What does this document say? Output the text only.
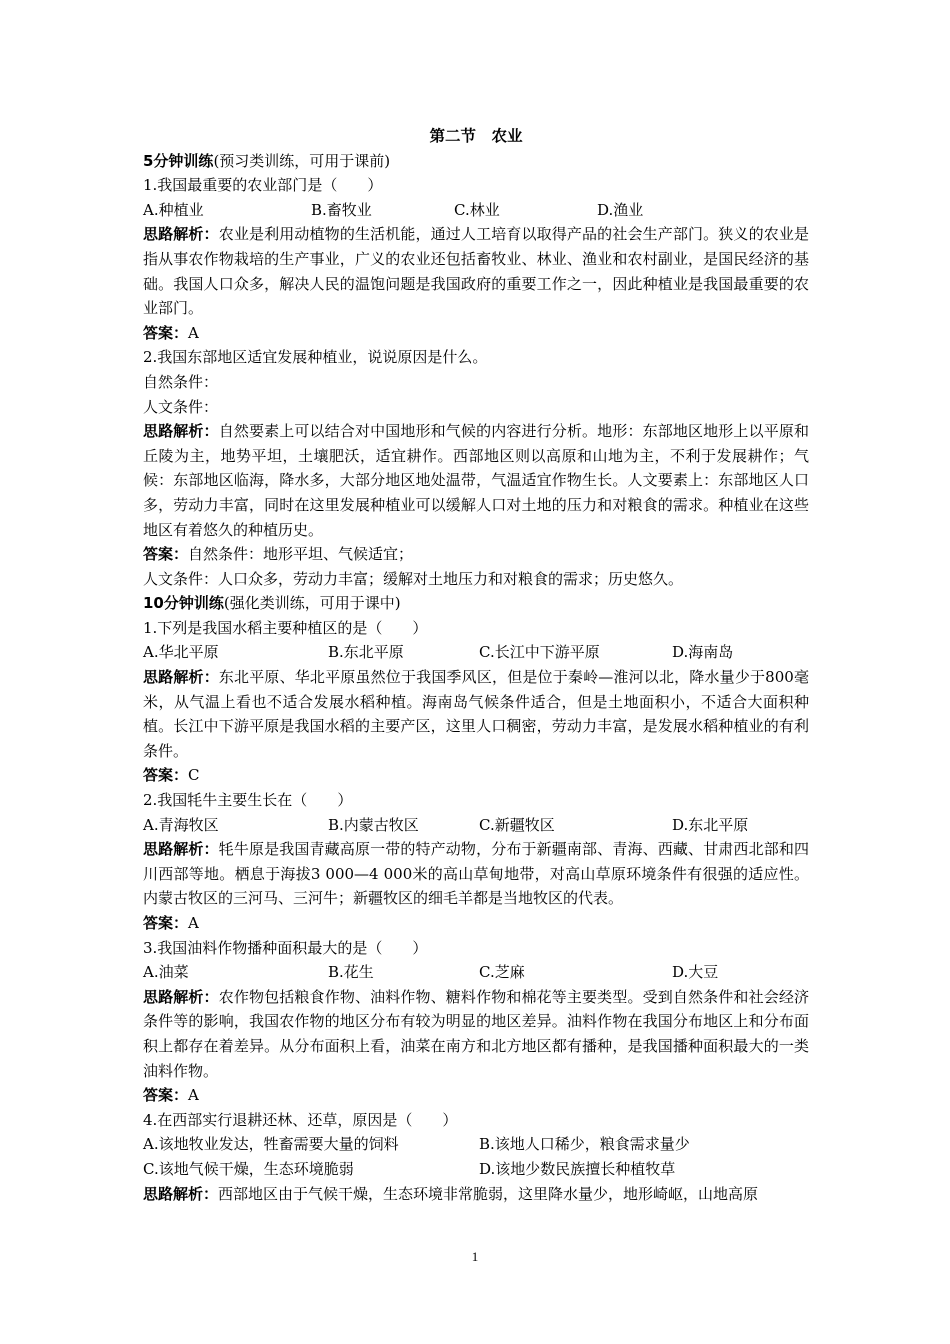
第二节　农业
5分钟训练(预习类训练，可用于课前)
1.我国最重要的农业部门是（　　）
A.种植业	B.畜牧业	C.林业	D.渔业
思路解析：农业是利用动植物的生活机能，通过人工培育以取得产品的社会生产部门。狭义的农业是指从事农作物栽培的生产事业，广义的农业还包括畜牧业、林业、渔业和农村副业，是国民经济的基础。我国人口众多，解决人民的温饱问题是我国政府的重要工作之一，因此种植业是我国最重要的农业部门。
答案：A
2.我国东部地区适宜发展种植业，说说原因是什么。
自然条件：
人文条件：
思路解析：自然要素上可以结合对中国地形和气候的内容进行分析。地形：东部地区地形上以平原和丘陵为主，地势平坦，土壤肥沃，适宜耕作。西部地区则以高原和山地为主，不利于发展耕作；气候：东部地区临海，降水多，大部分地区地处温带，气温适宜作物生长。人文要素上：东部地区人口多，劳动力丰富，同时在这里发展种植业可以缓解人口对土地的压力和对粮食的需求。种植业在这些地区有着悠久的种植历史。
答案：自然条件：地形平坦、气候适宜；
人文条件：人口众多，劳动力丰富；缓解对土地压力和对粮食的需求；历史悠久。
10分钟训练(强化类训练，可用于课中)
1.下列是我国水稻主要种植区的是（　　）
A.华北平原	B.东北平原	C.长江中下游平原	D.海南岛
思路解析：东北平原、华北平原虽然位于我国季风区，但是位于秦岭—淮河以北，降水量少于800毫米，从气温上看也不适合发展水稻种植。海南岛气候条件适合，但是土地面积小，不适合大面积种植。长江中下游平原是我国水稻的主要产区，这里人口稠密，劳动力丰富，是发展水稻种植业的有利条件。
答案：C
2.我国牦牛主要生长在（　　）
A.青海牧区	B.内蒙古牧区	C.新疆牧区	D.东北平原
思路解析：牦牛原是我国青藏高原一带的特产动物，分布于新疆南部、青海、西藏、甘肃西北部和四川西部等地。栖息于海拔3 000—4 000米的高山草甸地带，对高山草原环境条件有很强的适应性。内蒙古牧区的三河马、三河牛；新疆牧区的细毛羊都是当地牧区的代表。
答案：A
3.我国油料作物播种面积最大的是（　　）
A.油菜	B.花生	C.芝麻	D.大豆
思路解析：农作物包括粮食作物、油料作物、糖料作物和棉花等主要类型。受到自然条件和社会经济条件等的影响，我国农作物的地区分布有较为明显的地区差异。油料作物在我国分布地区上和分布面积上都存在着差异。从分布面积上看，油菜在南方和北方地区都有播种，是我国播种面积最大的一类油料作物。
答案：A
4.在西部实行退耕还林、还草，原因是（　　）
A.该地牧业发达，牲畜需要大量的饲料	B.该地人口稀少，粮食需求量少
C.该地气候干燥，生态环境脆弱	D.该地少数民族擅长种植牧草
思路解析：西部地区由于气候干燥，生态环境非常脆弱，这里降水量少，地形崎岖，山地高原
1
